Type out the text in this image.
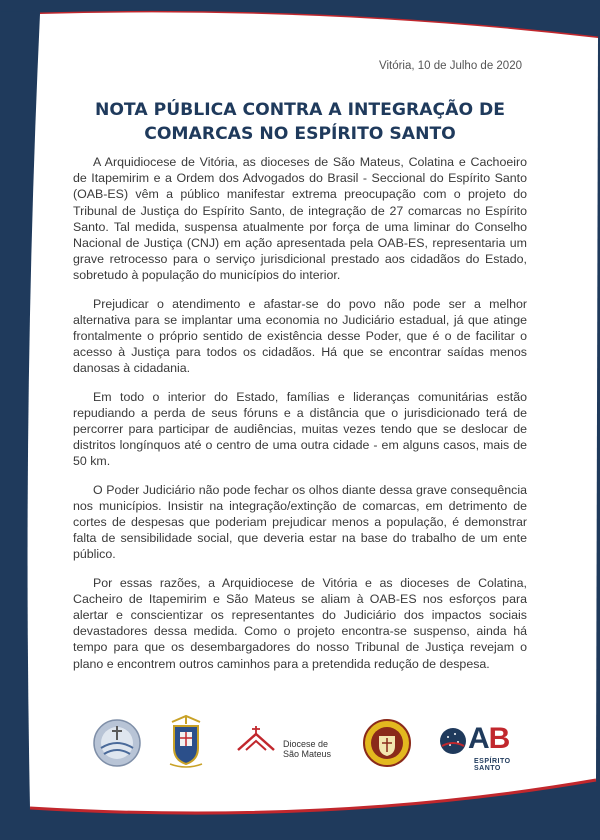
Vitória, 10 de Julho de 2020
NOTA PÚBLICA CONTRA A INTEGRAÇÃO DE
COMARCAS NO ESPÍRITO SANTO

A Arquidiocese de Vitória, as dioceses de São Mateus, Colatina e Cachoeiro de Itapemirim e a Ordem dos Advogados do Brasil - Seccional do Espírito Santo (OAB-ES) vêm a público manifestar extrema preocupação com o projeto do Tribunal de Justiça do Espírito Santo, de integração de 27 comarcas no Espírito Santo. Tal medida, suspensa atualmente por força de uma liminar do Conselho Nacional de Justiça (CNJ) em ação apresentada pela OAB-ES, representaria um grave retrocesso para o serviço jurisdicional prestado aos cidadãos do Estado, sobretudo à população do municípios do interior.

Prejudicar o atendimento e afastar-se do povo não pode ser a melhor alternativa para se implantar uma economia no Judiciário estadual, já que atinge frontalmente o próprio sentido de existência desse Poder, que é o de facilitar o acesso à Justiça para todos os cidadãos. Há que se encontrar saídas menos danosas à cidadania.

Em todo o interior do Estado, famílias e lideranças comunitárias estão repudiando a perda de seus fóruns e a distância que o jurisdicionado terá de percorrer para participar de audiências, muitas vezes tendo que se deslocar de distritos longínquos até o centro de uma outra cidade - em alguns casos, mais de 50 km.

O Poder Judiciário não pode fechar os olhos diante dessa grave consequência nos municípios. Insistir na integração/extinção de comarcas, em detrimento de cortes de despesas que poderiam prejudicar menos a população, é demonstrar falta de sensibilidade social, que deveria estar na base do trabalho de um ente público.

Por essas razões, a Arquidiocese de Vitória e as dioceses de Colatina, Cacheiro de Itapemirim e São Mateus se aliam à OAB-ES nos esforços para alertar e conscientizar os representantes do Judiciário dos impactos sociais devastadores dessa medida. Como o projeto encontra-se suspenso, ainda há tempo para que os desembargadores do nosso Tribunal de Justiça revejam o plano e encontrem outros caminhos para a pretendida redução de despesa.

Diocese de
São Mateus	AB
ESPÍRITO SANTO
